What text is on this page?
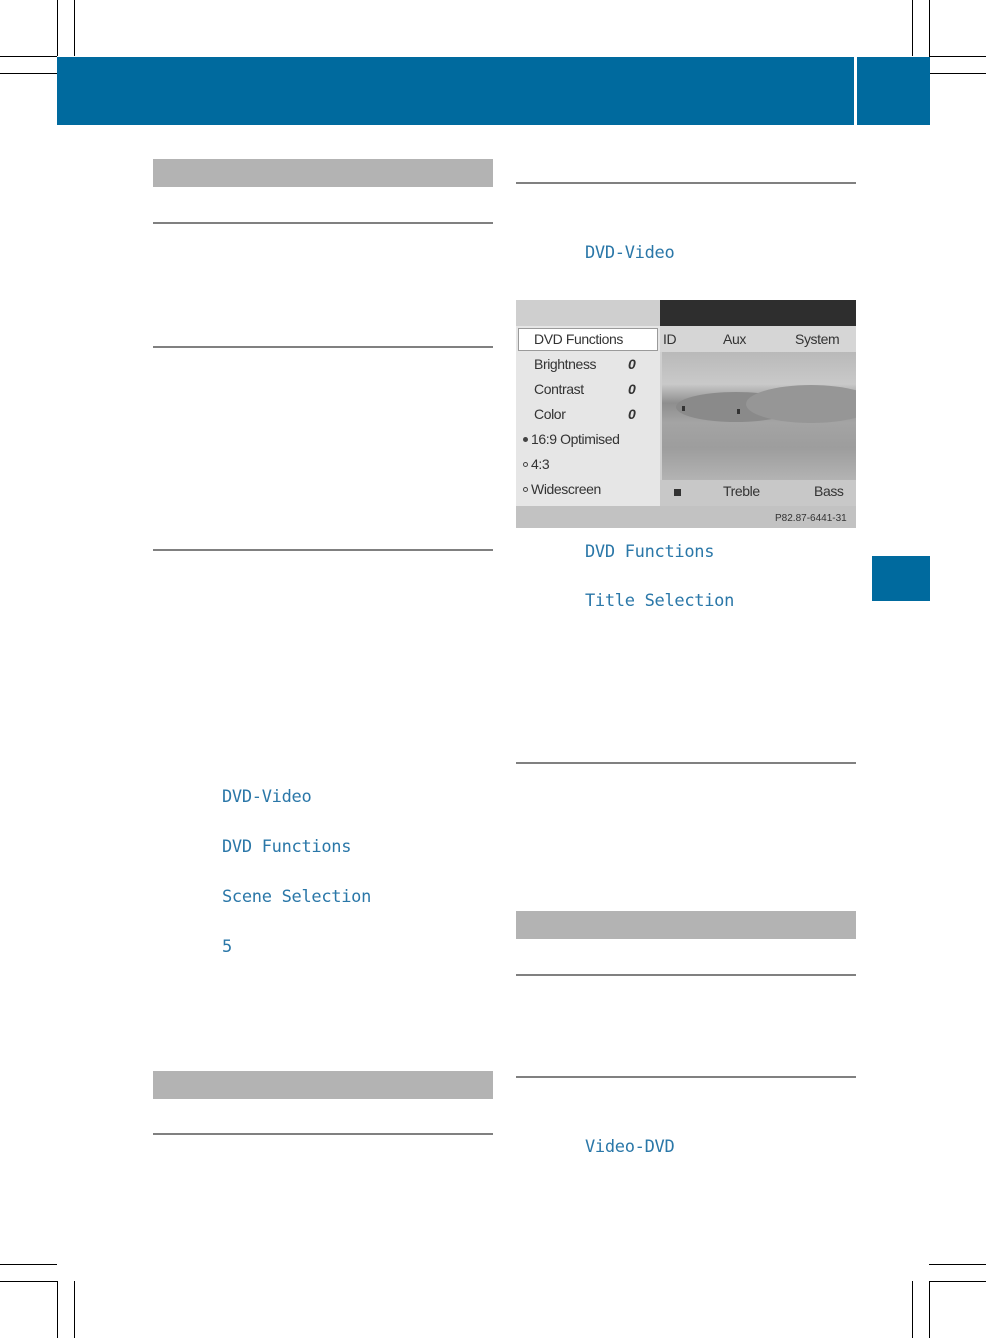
DVD-Video
DVD Functions
Scene Selection
5
DVD-Video
DVD Functions
Brightness 0
Contrast	0
Color	0
16:9 Optimised
4:3
Widescreen
ID	Aux	System
Treble	Bass
P82.87-6441-31
DVD Functions
Title Selection
Video-DVD
